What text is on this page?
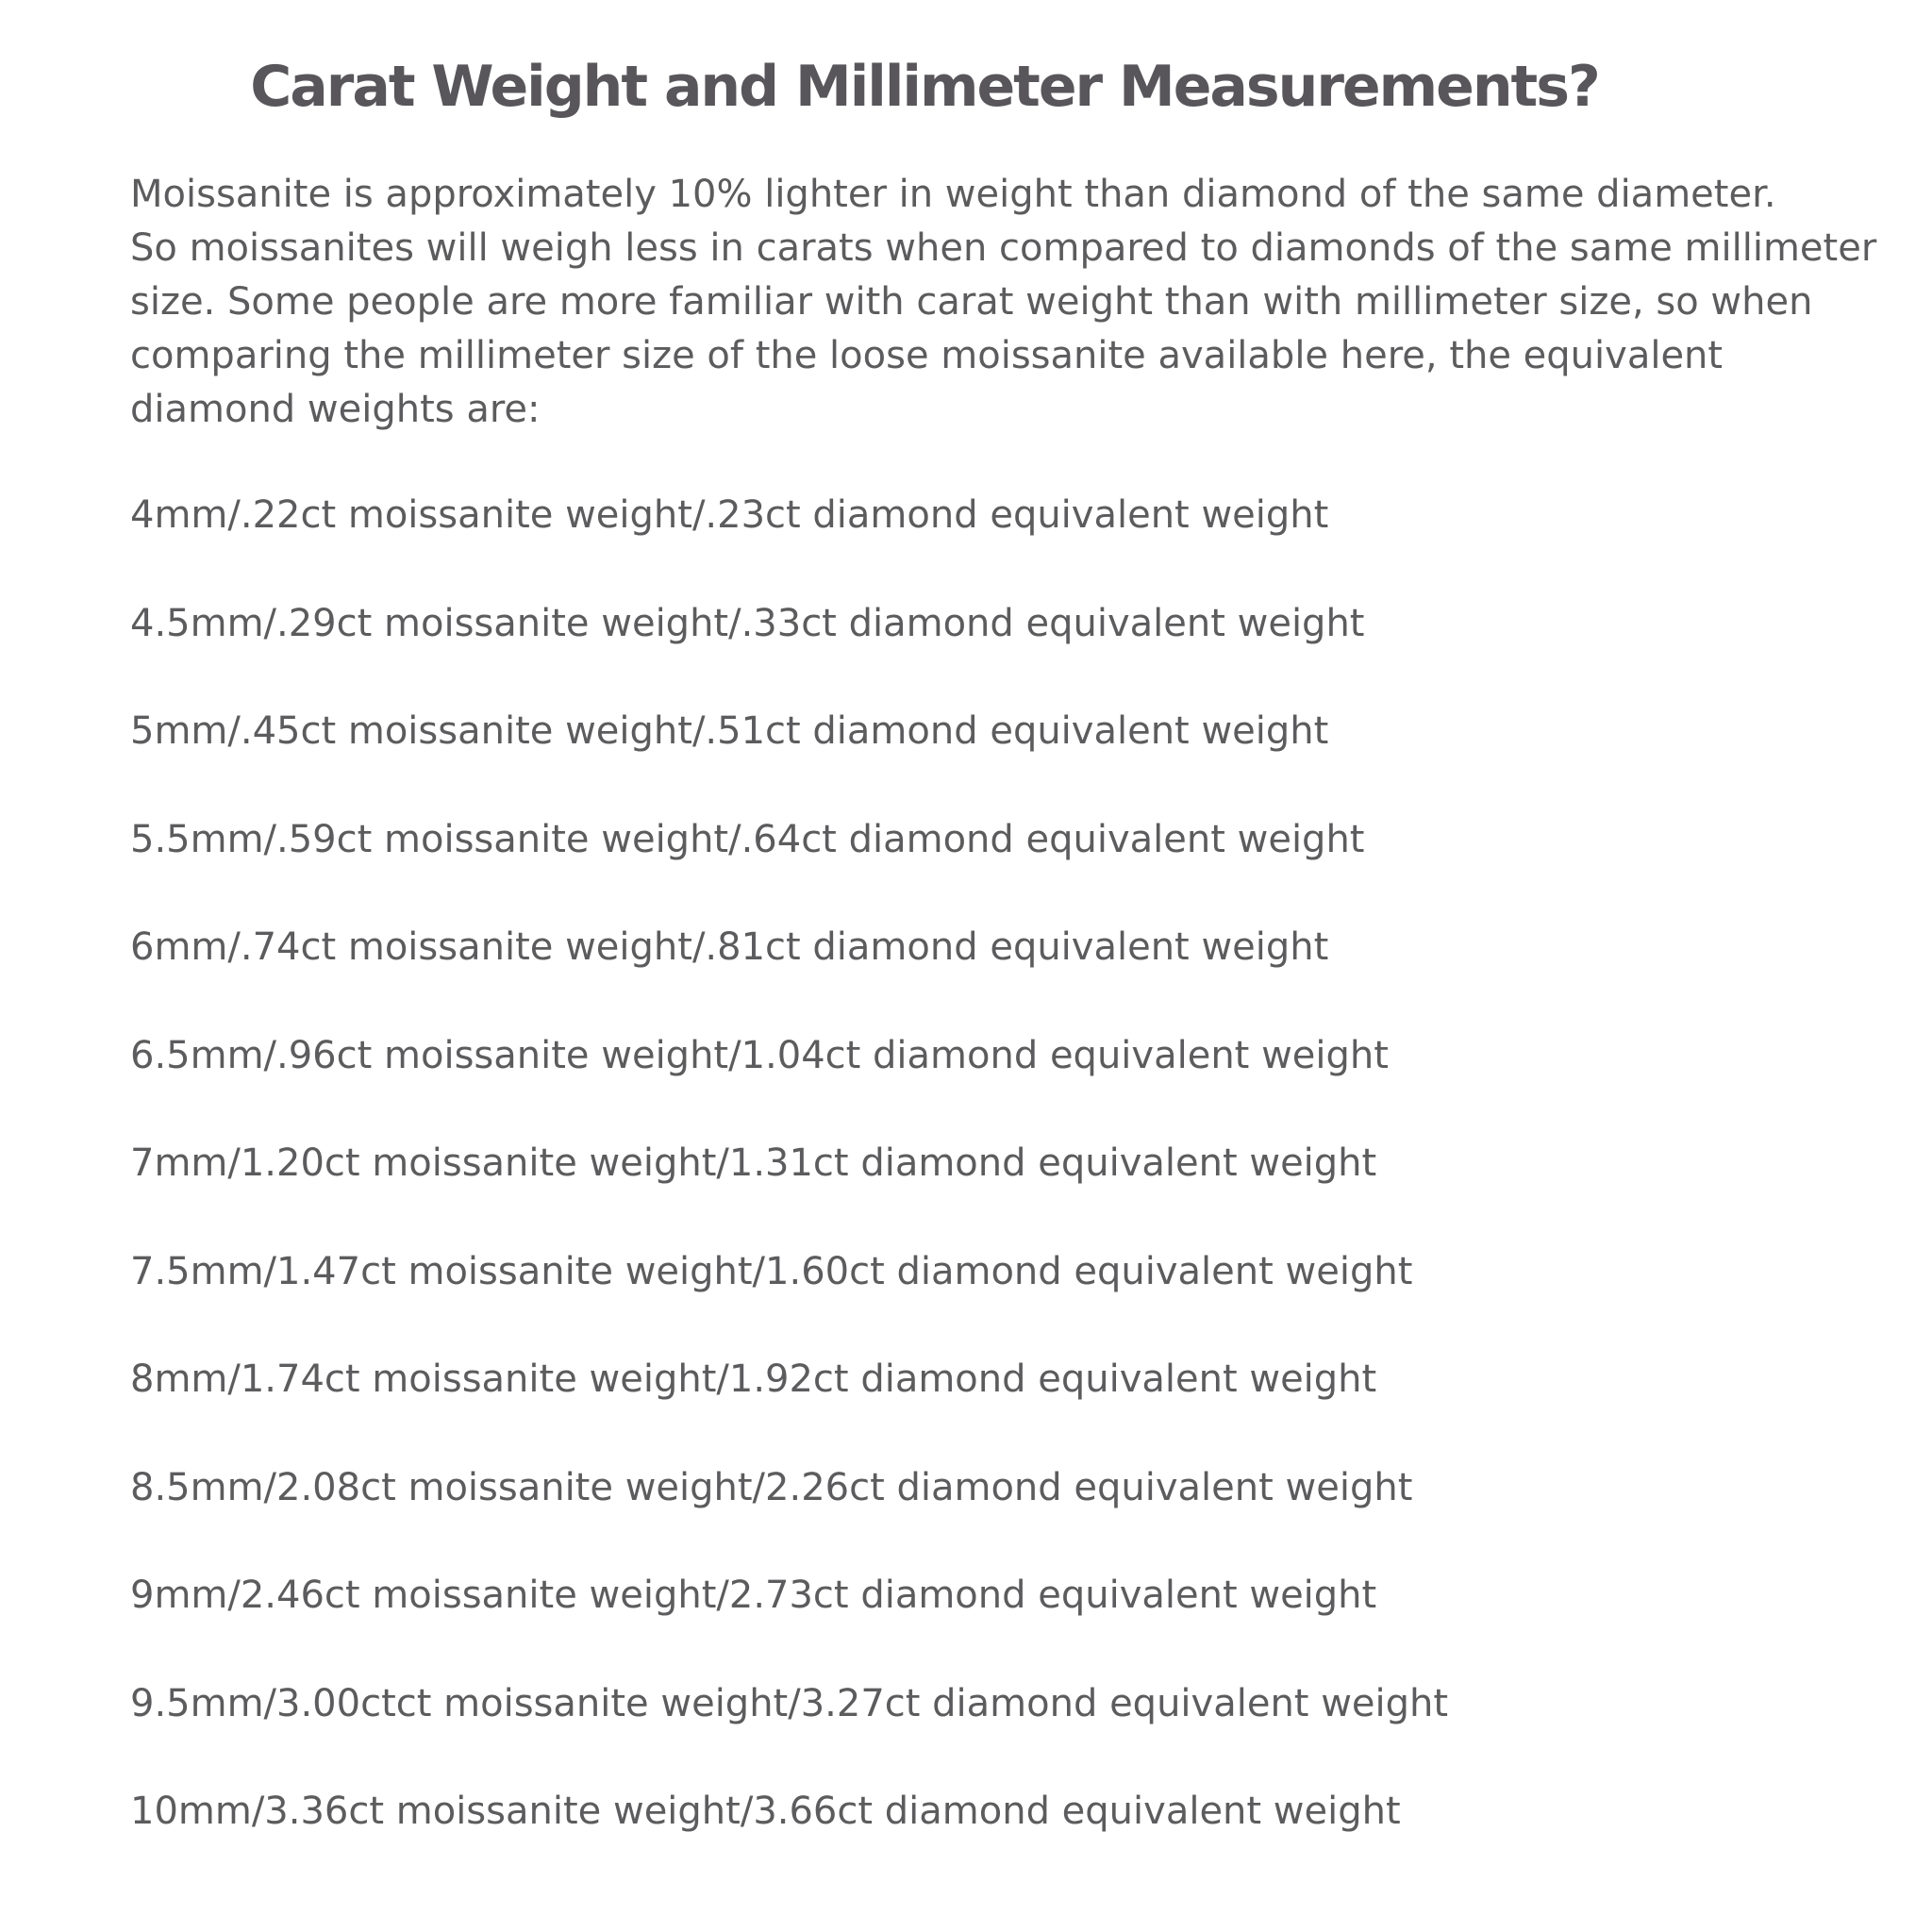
Carat Weight and Millimeter Measurements?

Moissanite is approximately 10% lighter in weight than diamond of the same diameter.
So moissanites will weigh less in carats when compared to diamonds of the same millimeter
size. Some people are more familiar with carat weight than with millimeter size, so when
comparing the millimeter size of the loose moissanite available here, the equivalent
diamond weights are:

4mm/.22ct moissanite weight/.23ct diamond equivalent weight
4.5mm/.29ct moissanite weight/.33ct diamond equivalent weight
5mm/.45ct moissanite weight/.51ct diamond equivalent weight
5.5mm/.59ct moissanite weight/.64ct diamond equivalent weight
6mm/.74ct moissanite weight/.81ct diamond equivalent weight
6.5mm/.96ct moissanite weight/1.04ct diamond equivalent weight
7mm/1.20ct moissanite weight/1.31ct diamond equivalent weight
7.5mm/1.47ct moissanite weight/1.60ct diamond equivalent weight
8mm/1.74ct moissanite weight/1.92ct diamond equivalent weight
8.5mm/2.08ct moissanite weight/2.26ct diamond equivalent weight
9mm/2.46ct moissanite weight/2.73ct diamond equivalent weight
9.5mm/3.00ctct moissanite weight/3.27ct diamond equivalent weight
10mm/3.36ct moissanite weight/3.66ct diamond equivalent weight
